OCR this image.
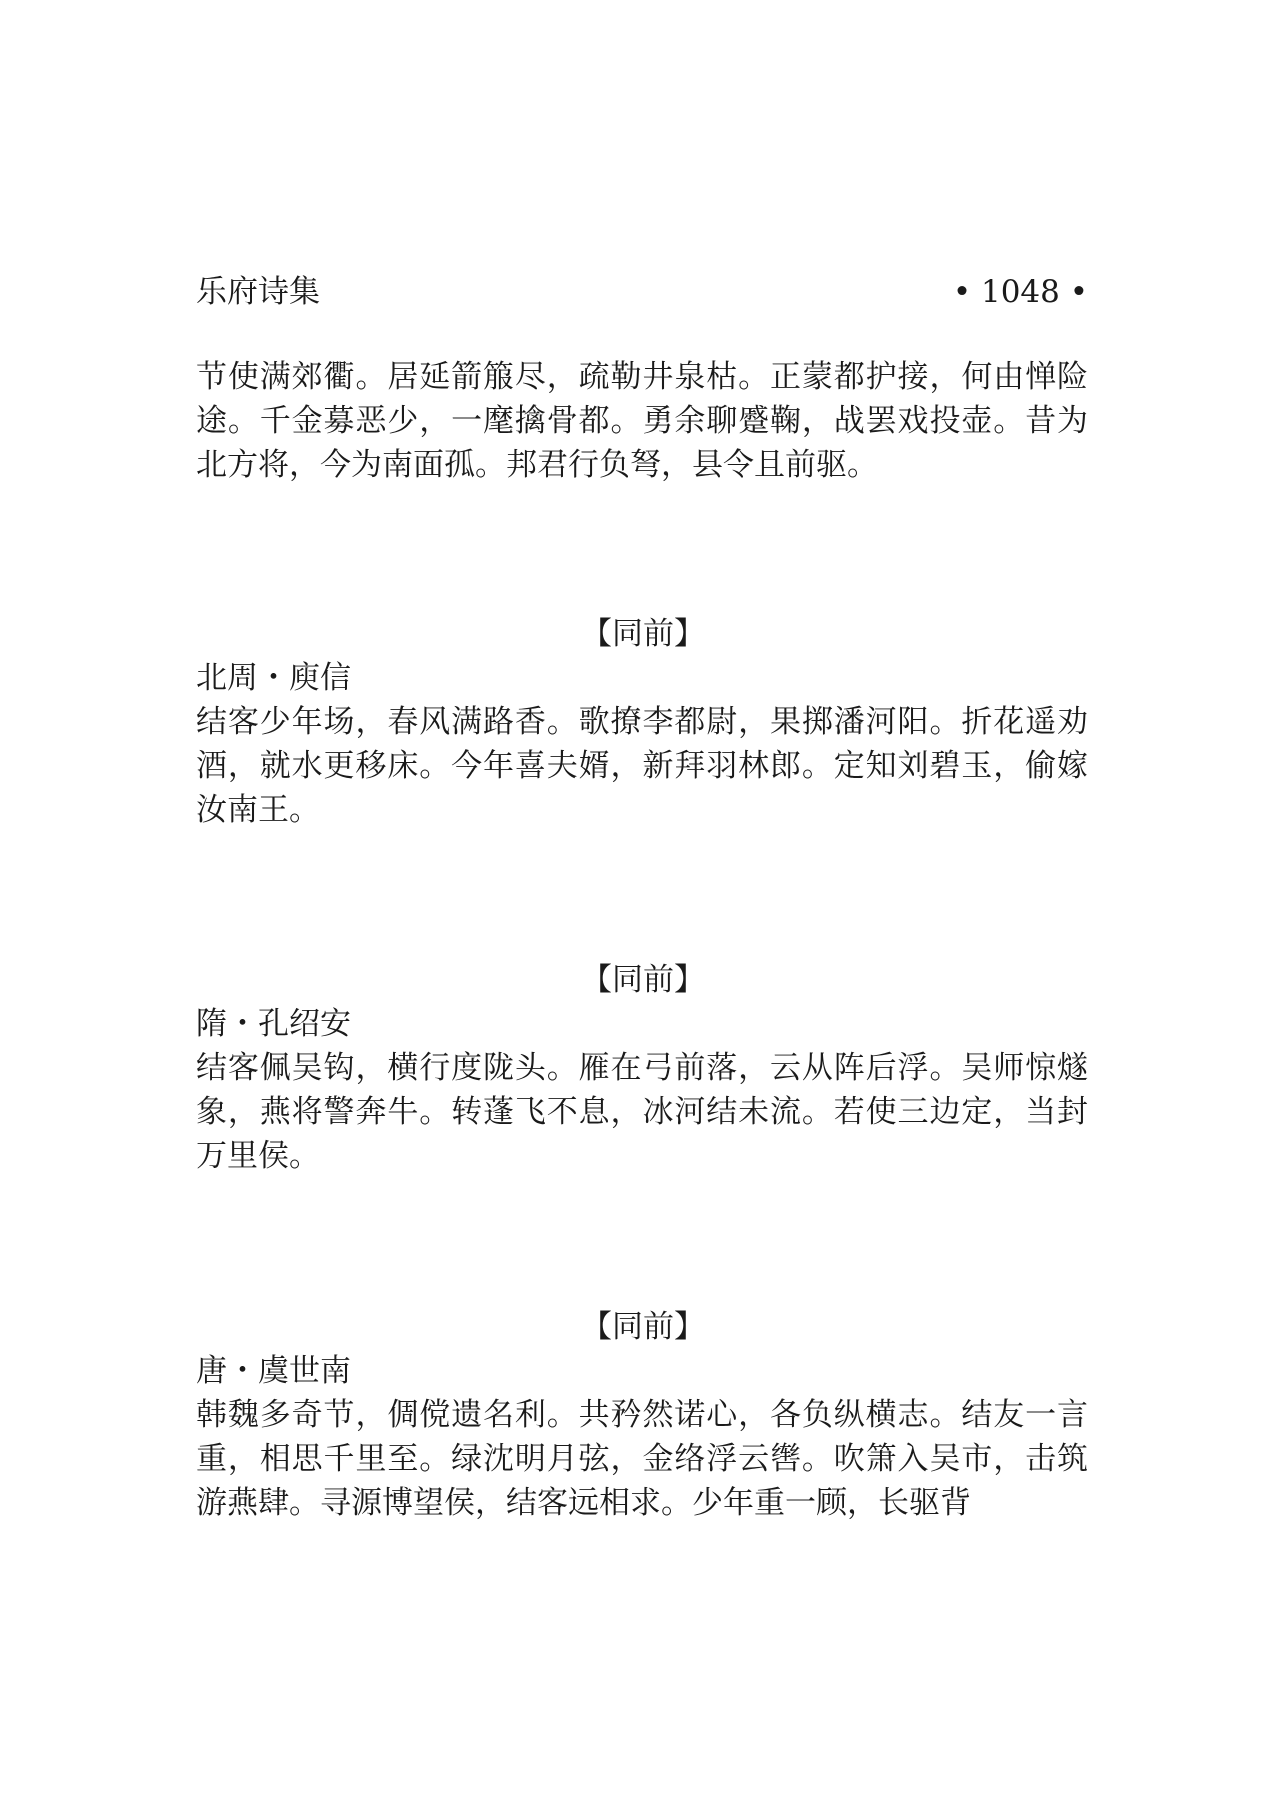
乐府诗集	• 1048 •

节使满郊衢。居延箭箙尽，疏勒井泉枯。正蒙都护接，何由惮险途。千金募恶少，一麾擒骨都。勇余聊蹙鞠，战罢戏投壶。昔为北方将，今为南面孤。邦君行负弩，县令且前驱。

【同前】

北周・庾信

结客少年场，春风满路香。歌撩李都尉，果掷潘河阳。折花遥劝酒，就水更移床。今年喜夫婿，新拜羽林郎。定知刘碧玉，偷嫁汝南王。

【同前】

隋・孔绍安

结客佩吴钩，横行度陇头。雁在弓前落，云从阵后浮。吴师惊燧象，燕将警奔牛。转蓬飞不息，冰河结未流。若使三边定，当封万里侯。

【同前】

唐・虞世南

韩魏多奇节，倜傥遗名利。共矜然诺心，各负纵横志。结友一言重，相思千里至。绿沈明月弦，金络浮云辔。吹箫入吴市，击筑游燕肆。寻源博望侯，结客远相求。少年重一顾，长驱背
